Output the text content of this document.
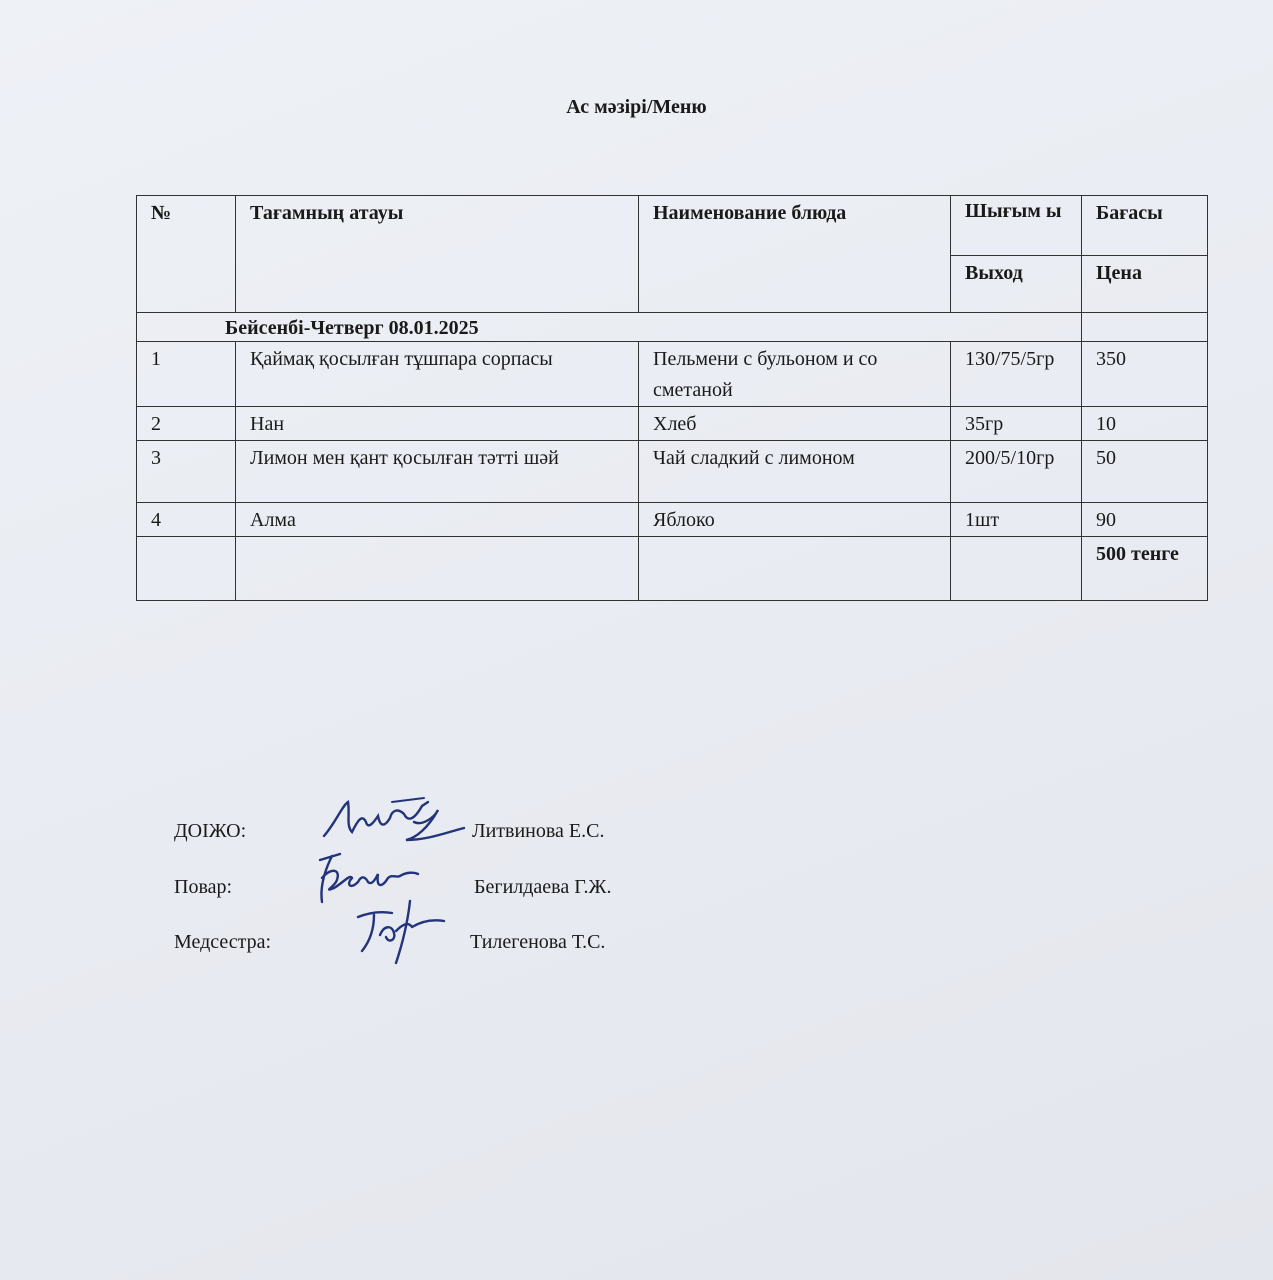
Ас мәзірі/Меню
№	Тағамның атауы	Наименование блюда	Шығым ы	Бағасы
			Выход	Цена
Бейсенбі-Четверг 08.01.2025				
1	Қаймақ қосылған тұшпара сорпасы	Пельмени с бульоном и со сметаной	130/75/5гр	350
2	Нан	Хлеб	35гр	10
3	Лимон мен қант қосылған тәтті шәй	Чай сладкий с лимоном	200/5/10гр	50
4	Алма	Яблоко	1шт	90
				500 тенге
ДОІЖО:	Литвинова Е.С.
Повар:	Бегилдаева Г.Ж.
Медсестра:	Тилегенова Т.С.
